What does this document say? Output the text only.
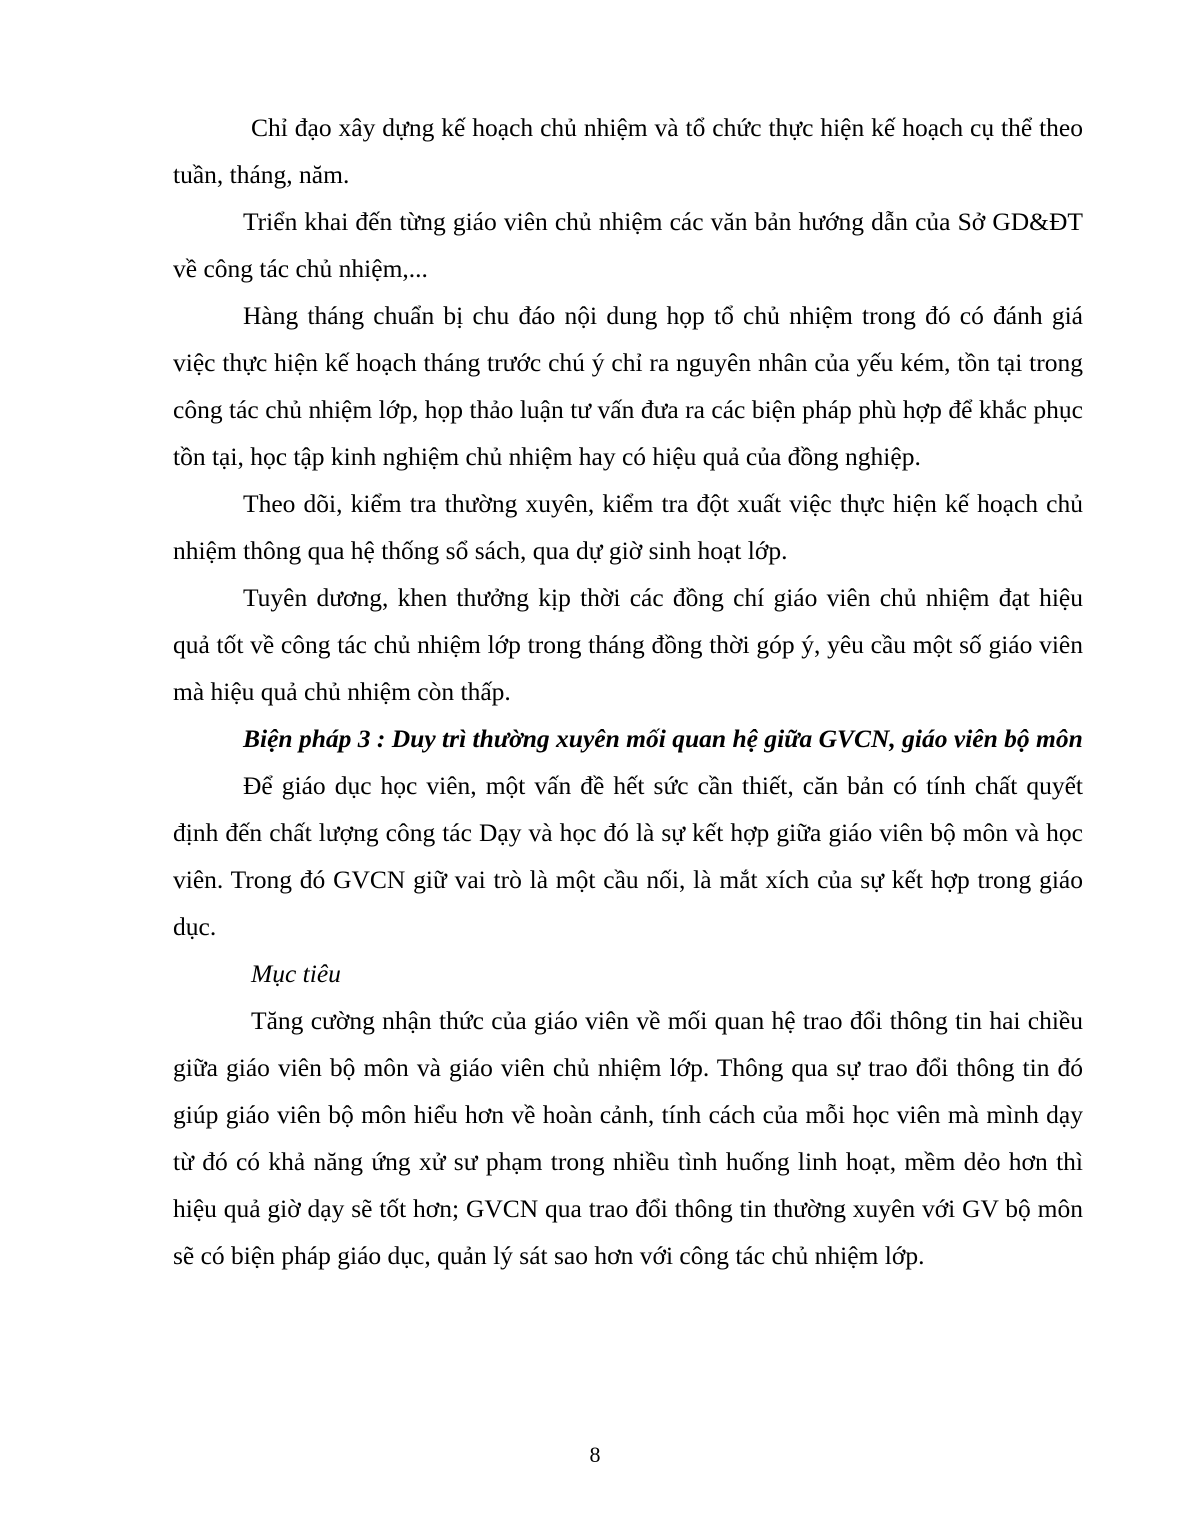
Chỉ đạo xây dựng kế hoạch chủ nhiệm và tổ chức thực hiện kế hoạch cụ thể theo tuần, tháng, năm.

Triển khai đến từng giáo viên chủ nhiệm các văn bản hướng dẫn của Sở GD&ĐT về công tác chủ nhiệm,...

Hàng tháng chuẩn bị chu đáo nội dung họp tổ chủ nhiệm trong đó có đánh giá việc thực hiện kế hoạch tháng trước chú ý chỉ ra nguyên nhân của yếu kém, tồn tại trong công tác chủ nhiệm lớp, họp thảo luận tư vấn đưa ra các biện pháp phù hợp để khắc phục tồn tại, học tập kinh nghiệm chủ nhiệm hay có hiệu quả của đồng nghiệp.

Theo dõi, kiểm tra thường xuyên, kiểm tra đột xuất việc thực hiện kế hoạch chủ nhiệm thông qua hệ thống sổ sách, qua dự giờ sinh hoạt lớp.

Tuyên dương, khen thưởng kịp thời các đồng chí giáo viên chủ nhiệm đạt hiệu quả tốt về công tác chủ nhiệm lớp trong tháng đồng thời góp ý, yêu cầu một số giáo viên mà hiệu quả chủ nhiệm còn thấp.

Biện pháp 3 : Duy trì thường xuyên mối quan hệ giữa GVCN, giáo viên bộ môn

Để giáo dục học viên, một vấn đề hết sức cần thiết, căn bản có tính chất quyết định đến chất lượng công tác Dạy và học đó là sự kết hợp giữa giáo viên bộ môn và học viên. Trong đó GVCN giữ vai trò là một cầu nối, là mắt xích của sự kết hợp trong giáo dục.

Mục tiêu

Tăng cường nhận thức của giáo viên về mối quan hệ trao đổi thông tin hai chiều giữa giáo viên bộ môn và giáo viên chủ nhiệm lớp. Thông qua sự trao đổi thông tin đó giúp giáo viên bộ môn hiểu hơn về hoàn cảnh, tính cách của mỗi học viên mà mình dạy từ đó có khả năng ứng xử sư phạm trong nhiều tình huống linh hoạt, mềm dẻo hơn thì hiệu quả giờ dạy sẽ tốt hơn; GVCN qua trao đổi thông tin thường xuyên với GV bộ môn sẽ có biện pháp giáo dục, quản lý sát sao hơn với công tác chủ nhiệm lớp.

8
